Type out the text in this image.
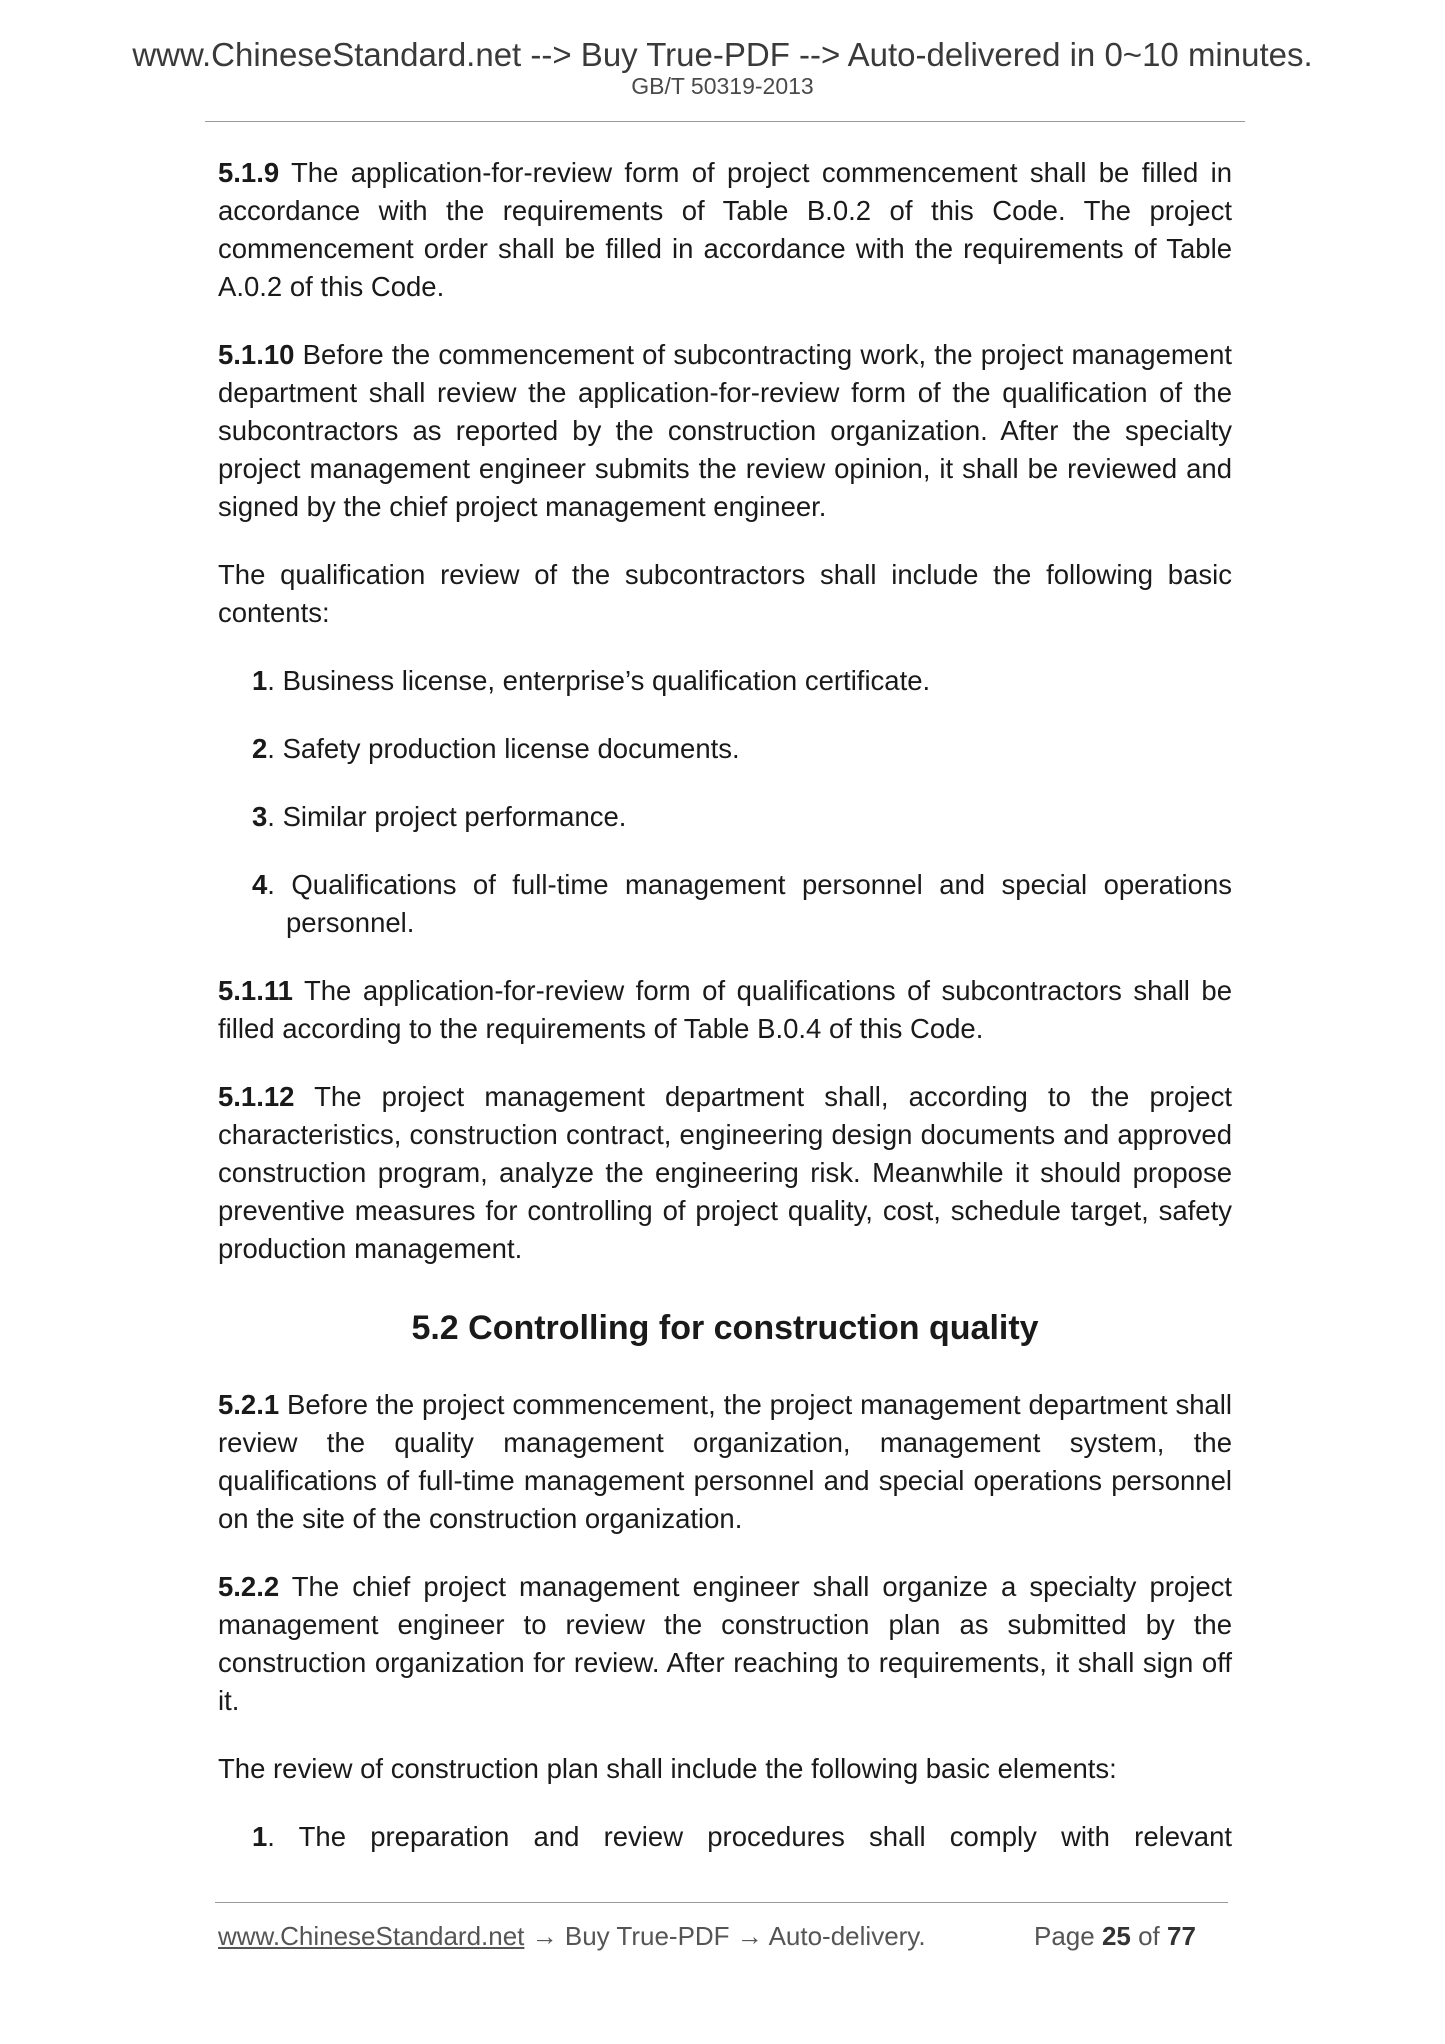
www.ChineseStandard.net --> Buy True-PDF --> Auto-delivered in 0~10 minutes.
GB/T 50319-2013

5.1.9 The application-for-review form of project commencement shall be filled in accordance with the requirements of Table B.0.2 of this Code. The project commencement order shall be filled in accordance with the requirements of Table A.0.2 of this Code.

5.1.10 Before the commencement of subcontracting work, the project management department shall review the application-for-review form of the qualification of the subcontractors as reported by the construction organization. After the specialty project management engineer submits the review opinion, it shall be reviewed and signed by the chief project management engineer.

The qualification review of the subcontractors shall include the following basic contents:

1. Business license, enterprise’s qualification certificate.

2. Safety production license documents.

3. Similar project performance.

4. Qualifications of full-time management personnel and special operations personnel.

5.1.11 The application-for-review form of qualifications of subcontractors shall be filled according to the requirements of Table B.0.4 of this Code.

5.1.12 The project management department shall, according to the project characteristics, construction contract, engineering design documents and approved construction program, analyze the engineering risk. Meanwhile it should propose preventive measures for controlling of project quality, cost, schedule target, safety production management.

5.2 Controlling for construction quality

5.2.1 Before the project commencement, the project management department shall review the quality management organization, management system, the qualifications of full-time management personnel and special operations personnel on the site of the construction organization.

5.2.2 The chief project management engineer shall organize a specialty project management engineer to review the construction plan as submitted by the construction organization for review. After reaching to requirements, it shall sign off it.

The review of construction plan shall include the following basic elements:

1. The preparation and review procedures shall comply with relevant

www.ChineseStandard.net → Buy True-PDF → Auto-delivery.	Page 25 of 77
